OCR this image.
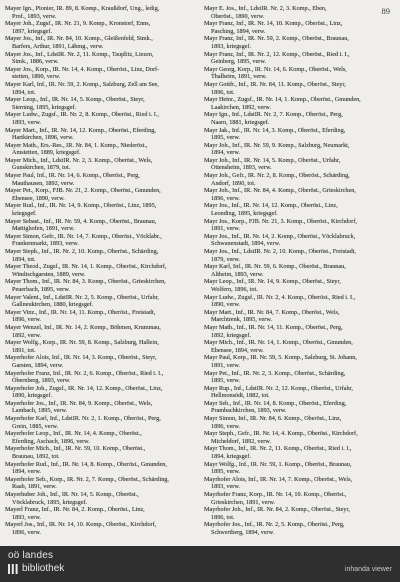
89
Mayer Ign., Pionier, IR. 89, 8. Komp., Kraußdorf, Ung., ledig,
Prof., 1893, verw.
Mayer Joh., Zugsf., IR. Nr. 21, 9. Komp., Kronstorf, Enns,
1897, kriegsgef.
Mayer Jos., Inf., IR. Nr. 84, 10. Komp., Gleißenfeld, Stmk.,
Barfers, Arthur, 1891, Lähmg., verw.
Mayer Jos., Inf., LdstIR. Nr. 2, 11. Komp., Tauplitz, Liezen,
Stmk., 1886, verw.
Mayer Jos., Korp., IR. Nr. 14, 4. Komp., Oberöst., Linz, Dorf-
stetten, 1890, verw.
Mayer Karl, Inf., IR. Nr. 59, 2. Komp., Salzburg, Zell am See,
1894, tot.
Mayer Leop., Inf., IR. Nr. 14, 5. Komp., Oberöst., Steyr,
Sierning, 1895, kriegsgef.
Mayer Ludw., Zugsf., IR. Nr. 2, 8. Komp., Oberöst., Ried i. I.,
1893, verw.
Mayer Mart., Inf., IR. Nr. 14, 12. Komp., Oberöst., Eferding,
Hartkirchen, 1896, verw.
Mayer Math., Ers.-Res., IR. Nr. 84, 1. Komp., Niederöst.,
Amstetten, 1889, kriegsgef.
Mayer Mich., Inf., LdstIR. Nr. 2, 3. Komp., Oberöst., Wels,
Gunskirchen, 1879, tot.
Mayer Paul, Inf., IR. Nr. 14, 6. Komp., Oberöst., Perg,
Mauthausen, 1892, verw.
Mayer Pet., Korp., FJB. Nr. 21, 2. Komp., Oberöst., Gmunden,
Ebensee, 1890, verw.
Mayer Rud., Inf., IR. Nr. 14, 9. Komp., Oberöst., Linz, 1895,
kriegsgef.
Mayer Sebast., Inf., IR. Nr. 59, 4. Komp., Oberöst., Braunau,
Mattighofen, 1891, verw.
Mayer Simon, Gefr., IR. Nr. 14, 7. Komp., Oberöst., Vöcklabr.,
Frankenmarkt, 1893, verw.
Mayer Steph., Inf., IR. Nr. 2, 10. Komp., Oberöst., Schärding,
1894, tot.
Mayer Theod., Zugsf., IR. Nr. 14, 1. Komp., Oberöst., Kirchdorf,
Windischgarsten, 1889, verw.
Mayer Thom., Inf., IR. Nr. 84, 3. Komp., Oberöst., Grieskirchen,
Peuerbach, 1895, verw.
Mayer Valent., Inf., LdstIR. Nr. 2, 5. Komp., Oberöst., Urfahr,
Gallneukirchen, 1880, kriegsgef.
Mayer Vinz., Inf., IR. Nr. 14, 11. Komp., Oberöst., Freistadt,
1896, verw.
Mayer Wenzel, Inf., IR. Nr. 14, 2. Komp., Böhmen, Krummau,
1892, verw.
Mayer Wolfg., Korp., IR. Nr. 59, 8. Komp., Salzburg, Hallein,
1891, tot.
Mayerhofer Alois, Inf., IR. Nr. 14, 3. Komp., Oberöst., Steyr,
Garsten, 1894, verw.
Mayerhofer Franz, Inf., IR. Nr. 2, 6. Komp., Oberöst., Ried i. I.,
Obernberg, 1893, verw.
Mayerhofer Joh., Zugsf., IR. Nr. 14, 12. Komp., Oberöst., Linz,
1890, kriegsgef.
Mayerhofer Jos., Inf., IR. Nr. 84, 9. Komp., Oberöst., Wels,
Lambach, 1895, verw.
Mayerhofer Karl, Inf., LdstIR. Nr. 2, 1. Komp., Oberöst., Perg,
Grein, 1885, verw.
Mayerhofer Leop., Inf., IR. Nr. 14, 4. Komp., Oberöst.,
Eferding, Aschach, 1896, verw.
Mayerhofer Mich., Inf., IR. Nr. 59, 10. Komp., Oberöst.,
Braunau, 1892, tot.
Mayerhofer Rud., Inf., IR. Nr. 14, 8. Komp., Oberöst., Gmunden,
1894, verw.
Mayerhofer Seb., Korp., IR. Nr. 2, 7. Komp., Oberöst., Schärding,
Raab, 1891, verw.
Mayerhuber Joh., Inf., IR. Nr. 14, 5. Komp., Oberöst.,
Vöcklabruck, 1895, kriegsgef.
Mayerl Franz, Inf., IR. Nr. 84, 2. Komp., Oberöst., Linz,
1893, verw.
Mayerl Jos., Inf., IR. Nr. 14, 10. Komp., Oberöst., Kirchdorf,
1896, verw.
Mayr E. Jos., Inf., LdstIR. Nr. 2, 3. Komp., Eben,
Oberöst., 1890, verw.
Mayr Franz, Inf., IR. Nr. 14, 10. Komp., Oberöst., Linz,
Pasching, 1894, verw.
Mayr Franz, Inf., IR. Nr. 59, 2. Komp., Oberöst., Braunau,
1893, kriegsgef.
Mayr Franz, Inf., IR. Nr. 2, 12. Komp., Oberöst., Ried i. I.,
Geinberg, 1895, verw.
Mayr Georg, Korp., IR. Nr. 14, 6. Komp., Oberöst., Wels,
Thalheim, 1891, verw.
Mayr Gottfr., Inf., IR. Nr. 84, 11. Komp., Oberöst., Steyr,
1896, tot.
Mayr Heinr., Zugsf., IR. Nr. 14, 1. Komp., Oberöst., Gmunden,
Laakirchen, 1892, verw.
Mayr Ign., Inf., LdstIR. Nr. 2, 7. Komp., Oberöst., Perg,
Naarn, 1881, kriegsgef.
Mayr Jak., Inf., IR. Nr. 14, 3. Komp., Oberöst., Eferding,
1895, verw.
Mayr Joh., Inf., IR. Nr. 59, 9. Komp., Salzburg, Neumarkt,
1894, verw.
Mayr Joh., Inf., IR. Nr. 14, 5. Komp., Oberöst., Urfahr,
Ottensheim, 1893, verw.
Mayr Joh., Gefr., IR. Nr. 2, 8. Komp., Oberöst., Schärding,
Andorf, 1890, tot.
Mayr Joh., Inf., IR. Nr. 84, 4. Komp., Oberöst., Grieskirchen,
1896, verw.
Mayr Jos., Inf., IR. Nr. 14, 12. Komp., Oberöst., Linz,
Leonding, 1895, kriegsgef.
Mayr Jos., Korp., FJB. Nr. 21, 3. Komp., Oberöst., Kirchdorf,
1891, verw.
Mayr Jos., Inf., IR. Nr. 14, 2. Komp., Oberöst., Vöcklabruck,
Schwanenstadt, 1894, verw.
Mayr Jos., Inf., LdstIR. Nr. 2, 10. Komp., Oberöst., Freistadt,
1879, verw.
Mayr Karl, Inf., IR. Nr. 59, 6. Komp., Oberöst., Braunau,
Altheim, 1893, verw.
Mayr Leop., Inf., IR. Nr. 14, 9. Komp., Oberöst., Steyr,
Wolfern, 1896, tot.
Mayr Ludw., Zugsf., IR. Nr. 2, 4. Komp., Oberöst., Ried i. I.,
1890, verw.
Mayr Mart., Inf., IR. Nr. 84, 7. Komp., Oberöst., Wels,
Marchtrenk, 1895, verw.
Mayr Math., Inf., IR. Nr. 14, 11. Komp., Oberöst., Perg,
1892, kriegsgef.
Mayr Mich., Inf., IR. Nr. 14, 1. Komp., Oberöst., Gmunden,
Ebensee, 1894, verw.
Mayr Paul, Korp., IR. Nr. 59, 5. Komp., Salzburg, St. Johann,
1891, verw.
Mayr Pet., Inf., IR. Nr. 2, 3. Komp., Oberöst., Schärding,
1895, verw.
Mayr Rup., Inf., LdstIR. Nr. 2, 12. Komp., Oberöst., Urfahr,
Hellmonsödt, 1882, tot.
Mayr Seb., Inf., IR. Nr. 14, 8. Komp., Oberöst., Eferding,
Prambachkirchen, 1893, verw.
Mayr Simon, Inf., IR. Nr. 84, 6. Komp., Oberöst., Linz,
1896, verw.
Mayr Steph., Gefr., IR. Nr. 14, 4. Komp., Oberöst., Kirchdorf,
Micheldorf, 1892, verw.
Mayr Thom., Inf., IR. Nr. 2, 11. Komp., Oberöst., Ried i. I.,
1894, kriegsgef.
Mayr Wolfg., Inf., IR. Nr. 59, 1. Komp., Oberöst., Braunau,
1895, verw.
Mayrhofer Alois, Inf., IR. Nr. 14, 7. Komp., Oberöst., Wels,
1893, verw.
Mayrhofer Franz, Korp., IR. Nr. 14, 10. Komp., Oberöst.,
Grieskirchen, 1891, verw.
Mayrhofer Joh., Inf., IR. Nr. 84, 2. Komp., Oberöst., Steyr,
1896, tot.
Mayrhofer Jos., Inf., IR. Nr. 2, 5. Komp., Oberöst., Perg,
Schwertberg, 1894, verw.
oö landes
bibliothek	inhanda viewer
